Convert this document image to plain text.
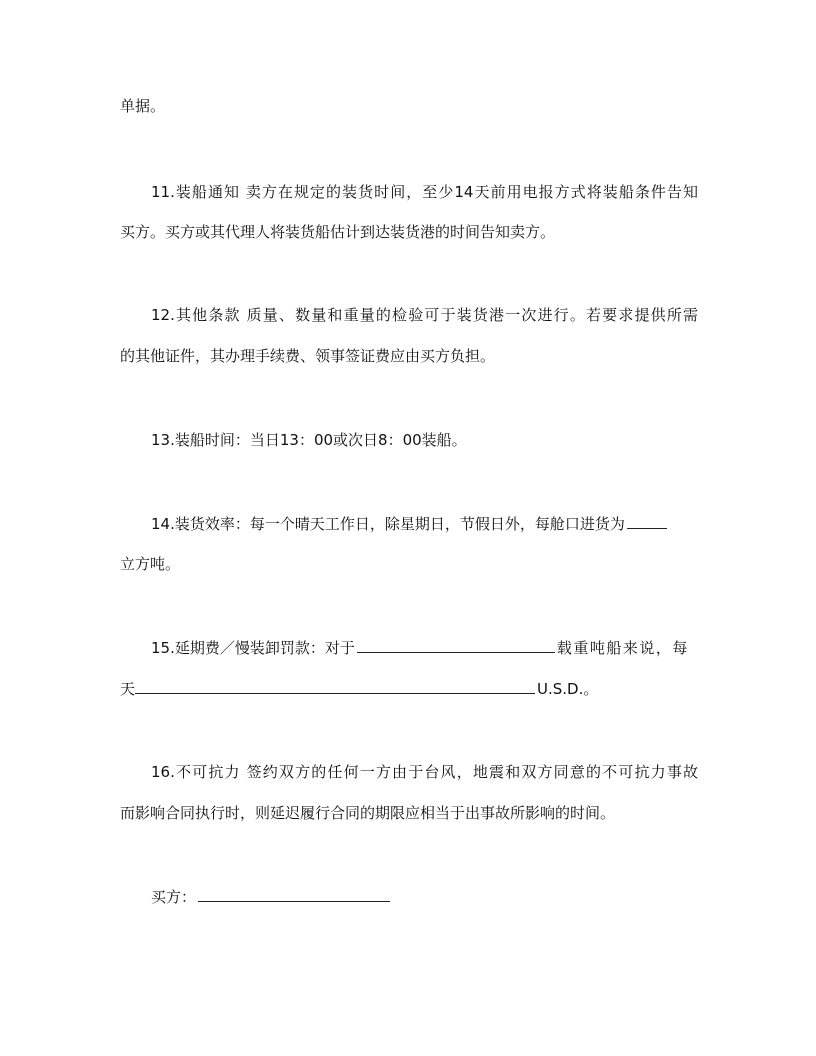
单据。
11.装船通知 卖方在规定的装货时间，至少14天前用电报方式将装船条件告知
买方。买方或其代理人将装货船估计到达装货港的时间告知卖方。
12.其他条款 质量、数量和重量的检验可于装货港一次进行。若要求提供所需
的其他证件，其办理手续费、领事签证费应由买方负担。
13.装船时间：当日13：00或次日8：00装船。
14.装货效率：每一个晴天工作日，除星期日，节假日外，每舱口进货为
立方吨。
15.延期费／慢装卸罚款：对于	载重吨船来说，每
天	U.S.D.。
16.不可抗力 签约双方的任何一方由于台风，地震和双方同意的不可抗力事故
而影响合同执行时，则延迟履行合同的期限应相当于出事故所影响的时间。
买方：
